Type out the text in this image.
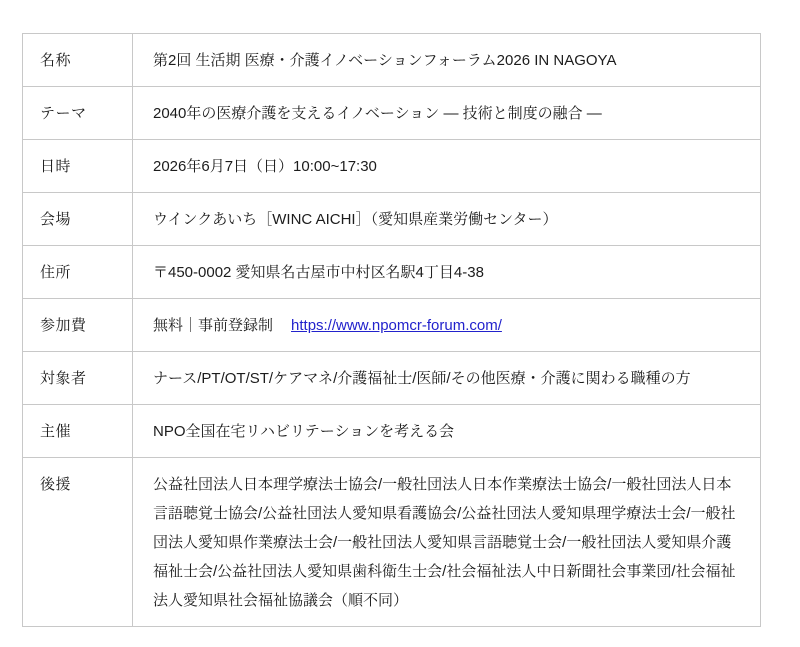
名称	第2回 生活期 医療・介護イノベーションフォーラム2026 IN NAGOYA
テーマ	2040年の医療介護を支えるイノベーション — 技術と制度の融合 —
日時	2026年6月7日（日）10:00~17:30
会場	ウインクあいち［WINC AICHI］（愛知県産業労働センター）
住所	〒450-0002 愛知県名古屋市中村区名駅4丁目4-38
参加費	無料｜事前登録制 https://www.npomcr-forum.com/
対象者	ナース/PT/OT/ST/ケアマネ/介護福祉士/医師/その他医療・介護に関わる職種の方
主催	NPO全国在宅リハビリテーションを考える会
後援	公益社団法人日本理学療法士協会/一般社団法人日本作業療法士協会/一般社団法人日本言語聴覚士協会/公益社団法人愛知県看護協会/公益社団法人愛知県理学療法士会/一般社団法人愛知県作業療法士会/一般社団法人愛知県言語聴覚士会/一般社団法人愛知県介護福祉士会/公益社団法人愛知県歯科衛生士会/社会福祉法人中日新聞社会事業団/社会福祉法人愛知県社会福祉協議会（順不同）
